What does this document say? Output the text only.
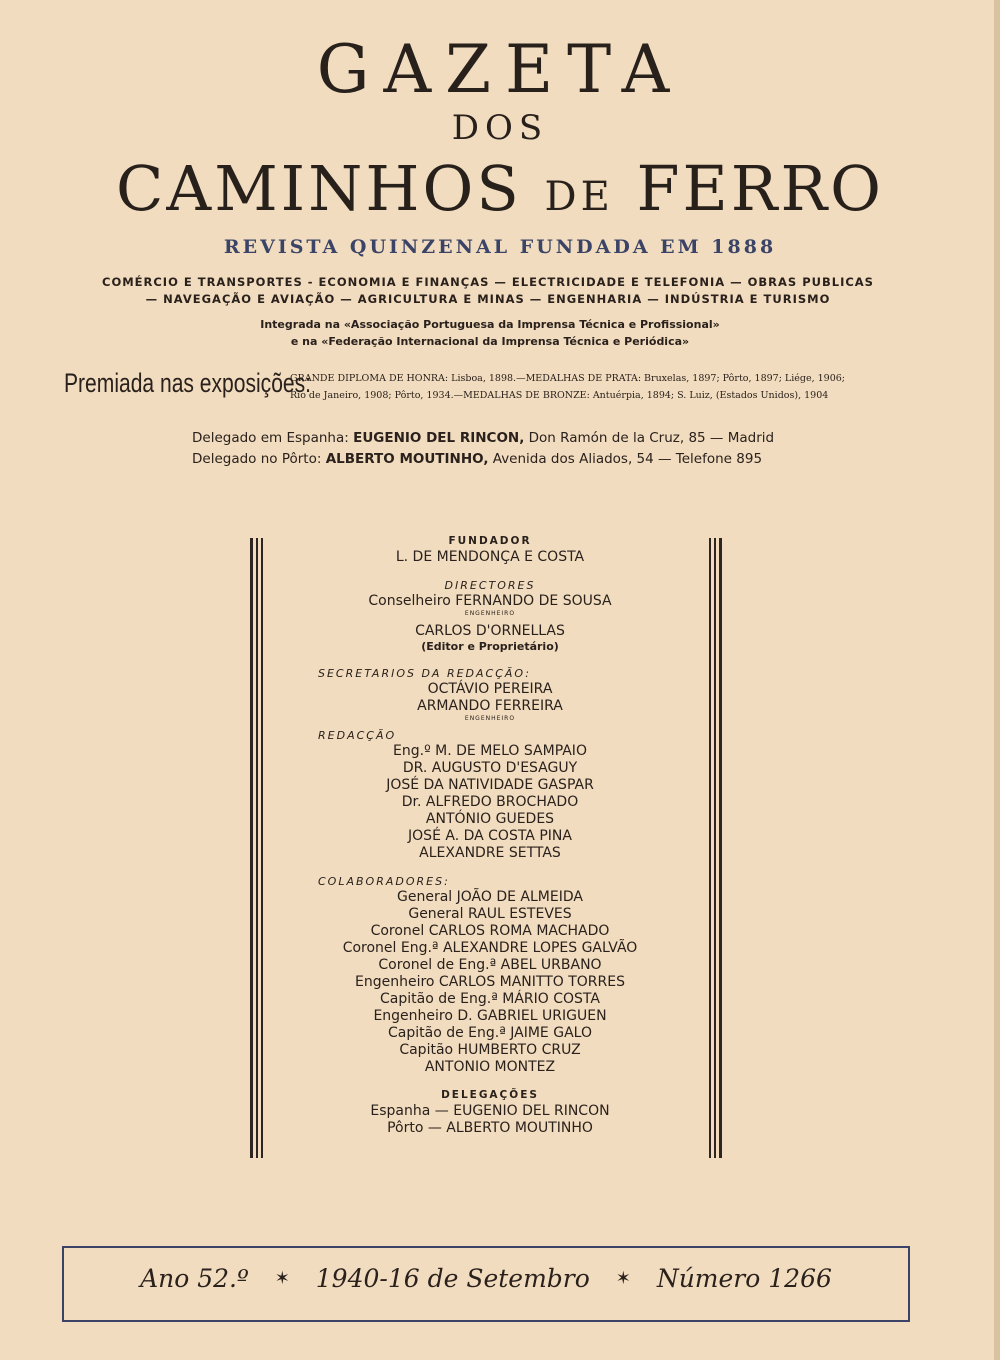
GAZETA
DOS
CAMINHOS DE FERRO
REVISTA QUINZENAL FUNDADA EM 1888
COMÉRCIO E TRANSPORTES - ECONOMIA E FINANÇAS — ELECTRICIDADE E TELEFONIA — OBRAS PUBLICAS
— NAVEGAÇÃO E AVIAÇÃO — AGRICULTURA E MINAS — ENGENHARIA — INDÚSTRIA E TURISMO
Integrada na «Associação Portuguesa da Imprensa Técnica e Profissional»
e na «Federação Internacional da Imprensa Técnica e Periódica»
Premiada nas exposições:
GRANDE DIPLOMA DE HONRA: Lisboa, 1898.—MEDALHAS DE PRATA: Bruxelas, 1897; Pôrto, 1897; Liége, 1906;
Rio de Janeiro, 1908; Pôrto, 1934.—MEDALHAS DE BRONZE: Antuérpia, 1894; S. Luiz, (Estados Unidos), 1904
Delegado em Espanha: EUGENIO DEL RINCON, Don Ramón de la Cruz, 85 — Madrid
Delegado no Pôrto: ALBERTO MOUTINHO, Avenida dos Aliados, 54 — Telefone 895
FUNDADOR
L. DE MENDONÇA E COSTA
DIRECTORES
Conselheiro FERNANDO DE SOUSA
ENGENHEIRO
CARLOS D'ORNELLAS
(Editor e Proprietário)
SECRETARIOS DA REDACÇÃO:
OCTÁVIO PEREIRA
ARMANDO FERREIRA
ENGENHEIRO
REDACÇÃO
Eng.º M. DE MELO SAMPAIO
DR. AUGUSTO D'ESAGUY
JOSÉ DA NATIVIDADE GASPAR
Dr. ALFREDO BROCHADO
ANTÓNIO GUEDES
JOSÉ A. DA COSTA PINA
ALEXANDRE SETTAS
COLABORADORES:
General JOÃO DE ALMEIDA
General RAUL ESTEVES
Coronel CARLOS ROMA MACHADO
Coronel Eng.ª ALEXANDRE LOPES GALVÃO
Coronel de Eng.ª ABEL URBANO
Engenheiro CARLOS MANITTO TORRES
Capitão de Eng.ª MÁRIO COSTA
Engenheiro D. GABRIEL URIGUEN
Capitão de Eng.ª JAIME GALO
Capitão HUMBERTO CRUZ
ANTONIO MONTEZ
DELEGAÇÕES
Espanha — EUGENIO DEL RINCON
Pôrto — ALBERTO MOUTINHO
Ano 52.º ✶ 1940-16 de Setembro ✶ Número 1266
